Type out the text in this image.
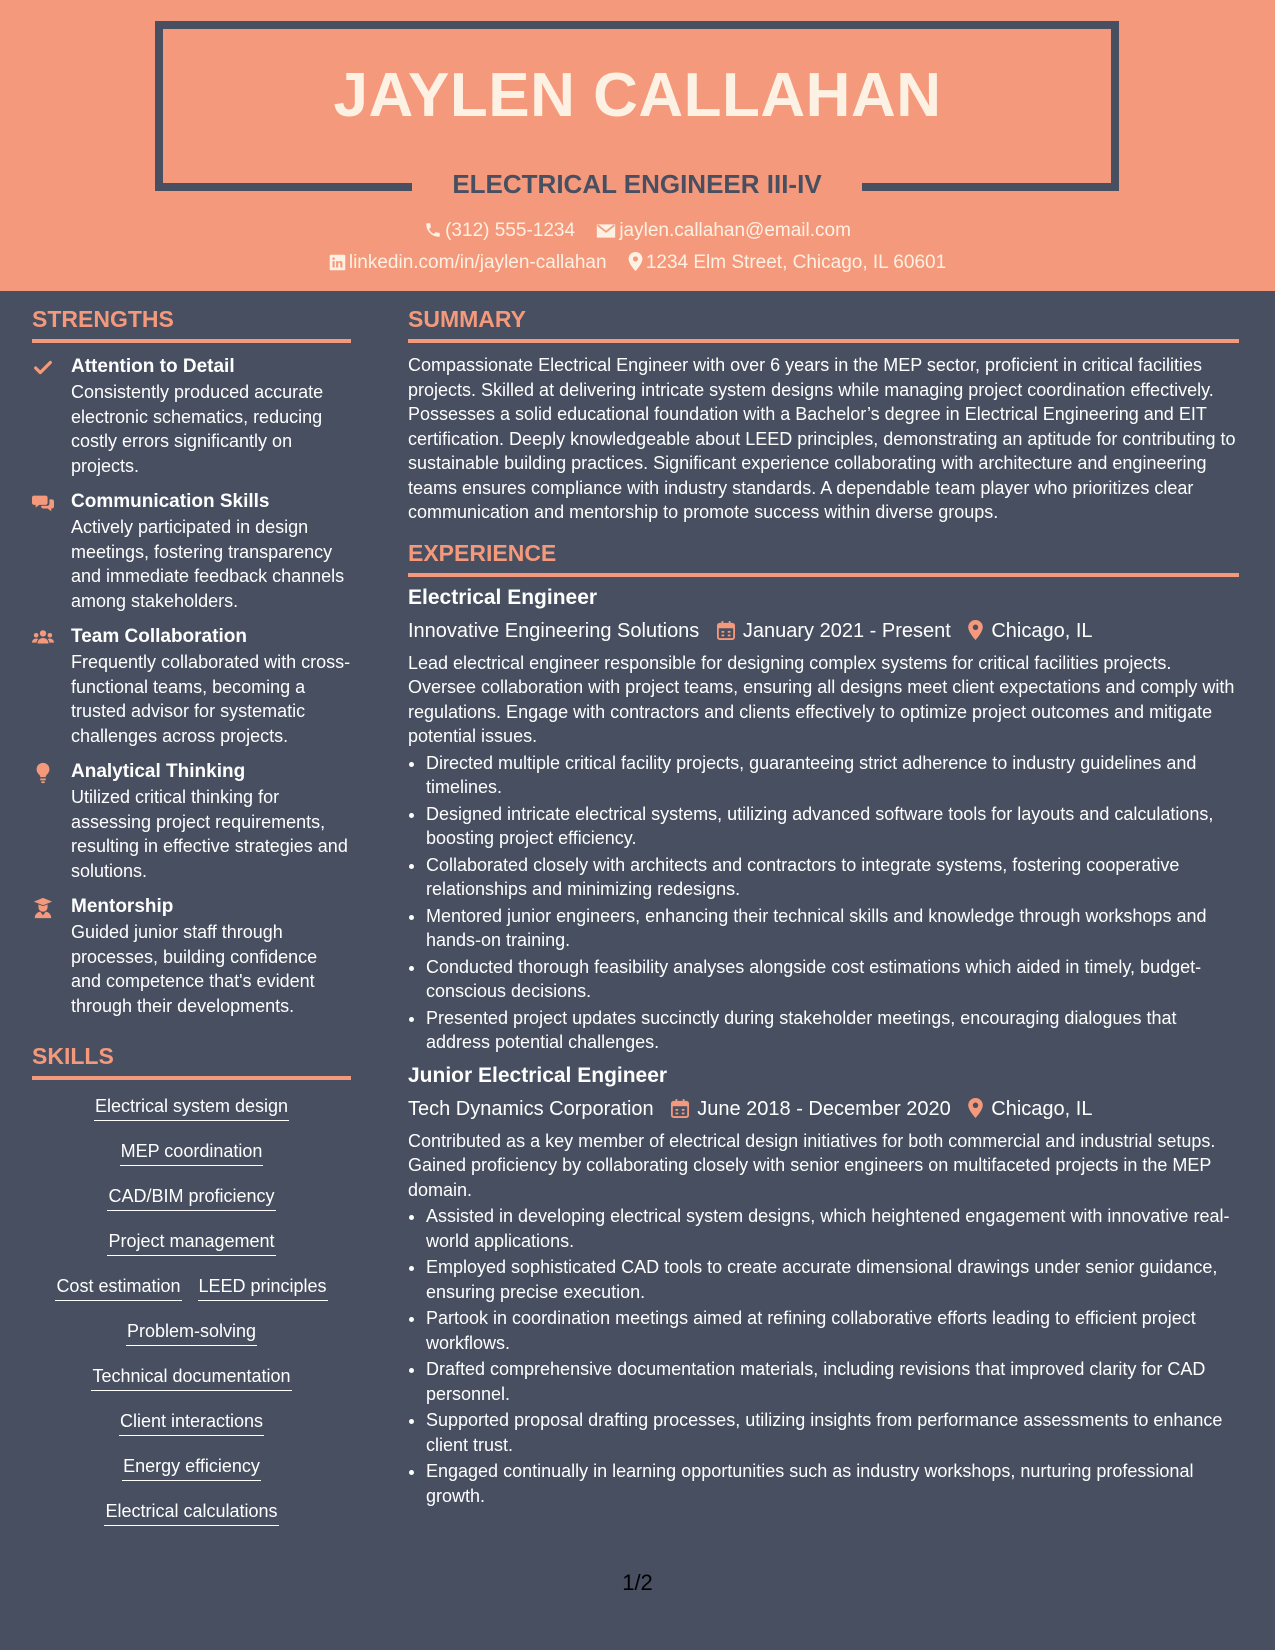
JAYLEN CALLAHAN
ELECTRICAL ENGINEER III-IV
(312) 555-1234 jaylen.callahan@email.com
linkedin.com/in/jaylen-callahan 1234 Elm Street, Chicago, IL 60601
STRENGTHS
Attention to Detail
Consistently produced accurate electronic schematics, reducing costly errors significantly on projects.
Communication Skills
Actively participated in design meetings, fostering transparency and immediate feedback channels among stakeholders.
Team Collaboration
Frequently collaborated with cross-functional teams, becoming a trusted advisor for systematic challenges across projects.
Analytical Thinking
Utilized critical thinking for assessing project requirements, resulting in effective strategies and solutions.
Mentorship
Guided junior staff through processes, building confidence and competence that's evident through their developments.
SKILLS
Electrical system design
MEP coordination
CAD/BIM proficiency
Project management
Cost estimation LEED principles
Problem-solving
Technical documentation
Client interactions
Energy efficiency
Electrical calculations
SUMMARY
Compassionate Electrical Engineer with over 6 years in the MEP sector, proficient in critical facilities projects. Skilled at delivering intricate system designs while managing project coordination effectively. Possesses a solid educational foundation with a Bachelor’s degree in Electrical Engineering and EIT certification. Deeply knowledgeable about LEED principles, demonstrating an aptitude for contributing to sustainable building practices. Significant experience collaborating with architecture and engineering teams ensures compliance with industry standards. A dependable team player who prioritizes clear communication and mentorship to promote success within diverse groups.
EXPERIENCE
Electrical Engineer
Innovative Engineering Solutions January 2021 - Present Chicago, IL
Lead electrical engineer responsible for designing complex systems for critical facilities projects. Oversee collaboration with project teams, ensuring all designs meet client expectations and comply with regulations. Engage with contractors and clients effectively to optimize project outcomes and mitigate potential issues.
• Directed multiple critical facility projects, guaranteeing strict adherence to industry guidelines and timelines.
• Designed intricate electrical systems, utilizing advanced software tools for layouts and calculations, boosting project efficiency.
• Collaborated closely with architects and contractors to integrate systems, fostering cooperative relationships and minimizing redesigns.
• Mentored junior engineers, enhancing their technical skills and knowledge through workshops and hands-on training.
• Conducted thorough feasibility analyses alongside cost estimations which aided in timely, budget-conscious decisions.
• Presented project updates succinctly during stakeholder meetings, encouraging dialogues that address potential challenges.
Junior Electrical Engineer
Tech Dynamics Corporation June 2018 - December 2020 Chicago, IL
Contributed as a key member of electrical design initiatives for both commercial and industrial setups. Gained proficiency by collaborating closely with senior engineers on multifaceted projects in the MEP domain.
• Assisted in developing electrical system designs, which heightened engagement with innovative real-world applications.
• Employed sophisticated CAD tools to create accurate dimensional drawings under senior guidance, ensuring precise execution.
• Partook in coordination meetings aimed at refining collaborative efforts leading to efficient project workflows.
• Drafted comprehensive documentation materials, including revisions that improved clarity for CAD personnel.
• Supported proposal drafting processes, utilizing insights from performance assessments to enhance client trust.
• Engaged continually in learning opportunities such as industry workshops, nurturing professional growth.
1/2
